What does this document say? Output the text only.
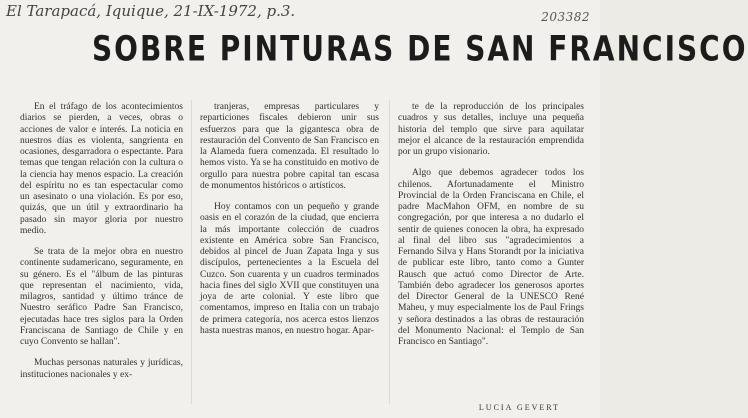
El Tarapacá, Iquique, 21-IX-1972, p.3.	203382
SOBRE PINTURAS DE SAN FRANCISCO

En el tráfago de los acontecimientos diarios se pierden, a veces, obras o acciones de valor e interés. La noticia en nuestros días es violenta, sangrienta en ocasiones, desgarradora o espectante. Para temas que tengan relación con la cultura o la ciencia hay menos espacio. La creación del espíritu no es tan espectacular como un asesinato o una violación. Es por eso, quizás, que un útil y extraordinario ha pasado sin mayor gloria por nuestro medio.

Se trata de la mejor obra en nuestro continente sudamericano, seguramente, en su género. Es el "álbum de las pinturas que representan el nacimiento, vida, milagros, santidad y último tránce de Nuestro seráfico Padre San Francisco, ejecutadas hace tres siglos para la Orden Franciscana de Santiago de Chile y en cuyo Convento se hallan".

Muchas personas naturales y jurídicas, instituciones nacionales y ex-

tranjeras, empresas particulares y reparticiones fiscales debieron unir sus esfuerzos para que la gigantesca obra de restauración del Convento de San Francisco en la Alameda fuera comenzada. El resultado lo hemos visto. Ya se ha constituido en motivo de orgullo para nuestra pobre capital tan escasa de monumentos históricos o artísticos.

Hoy contamos con un pequeño y grande oasis en el corazón de la ciudad, que encierra la más importante colección de cuadros existente en América sobre San Francisco, debidos al pincel de Juan Zapata Inga y sus discípulos, pertenecientes a la Escuela del Cuzco. Son cuarenta y un cuadros terminados hacia fines del siglo XVII que constituyen una joya de arte colonial. Y este libro que comentamos, impreso en Italia con un trabajo de primera categoría, nos acerca estos lienzos hasta nuestras manos, en nuestro hogar. Apar-

te de la reproducción de los principales cuadros y sus detalles, incluye una pequeña historia del templo que sirve para aquilatar mejor el alcance de la restauración emprendida por un grupo visionario.

Algo que debemos agradecer todos los chilenos. Afortunadamente el Ministro Provincial de la Orden Franciscana en Chile, el padre MacMahon OFM, en nombre de su congregación, por que interesa a no dudarlo el sentir de quienes conocen la obra, ha expresado al final del libro sus "agradecimientos a Fernando Silva y Hans Storandt por la iniciativa de publicar este libro, tanto como a Gunter Rausch que actuó como Director de Arte. También debo agradecer los generosos aportes del Director General de la UNESCO René Maheu, y muy especialmente los de Paul Frings y señora destinados a las obras de restauración del Monumento Nacional: el Templo de San Francisco en Santiago".

LUCIA GEVERT
